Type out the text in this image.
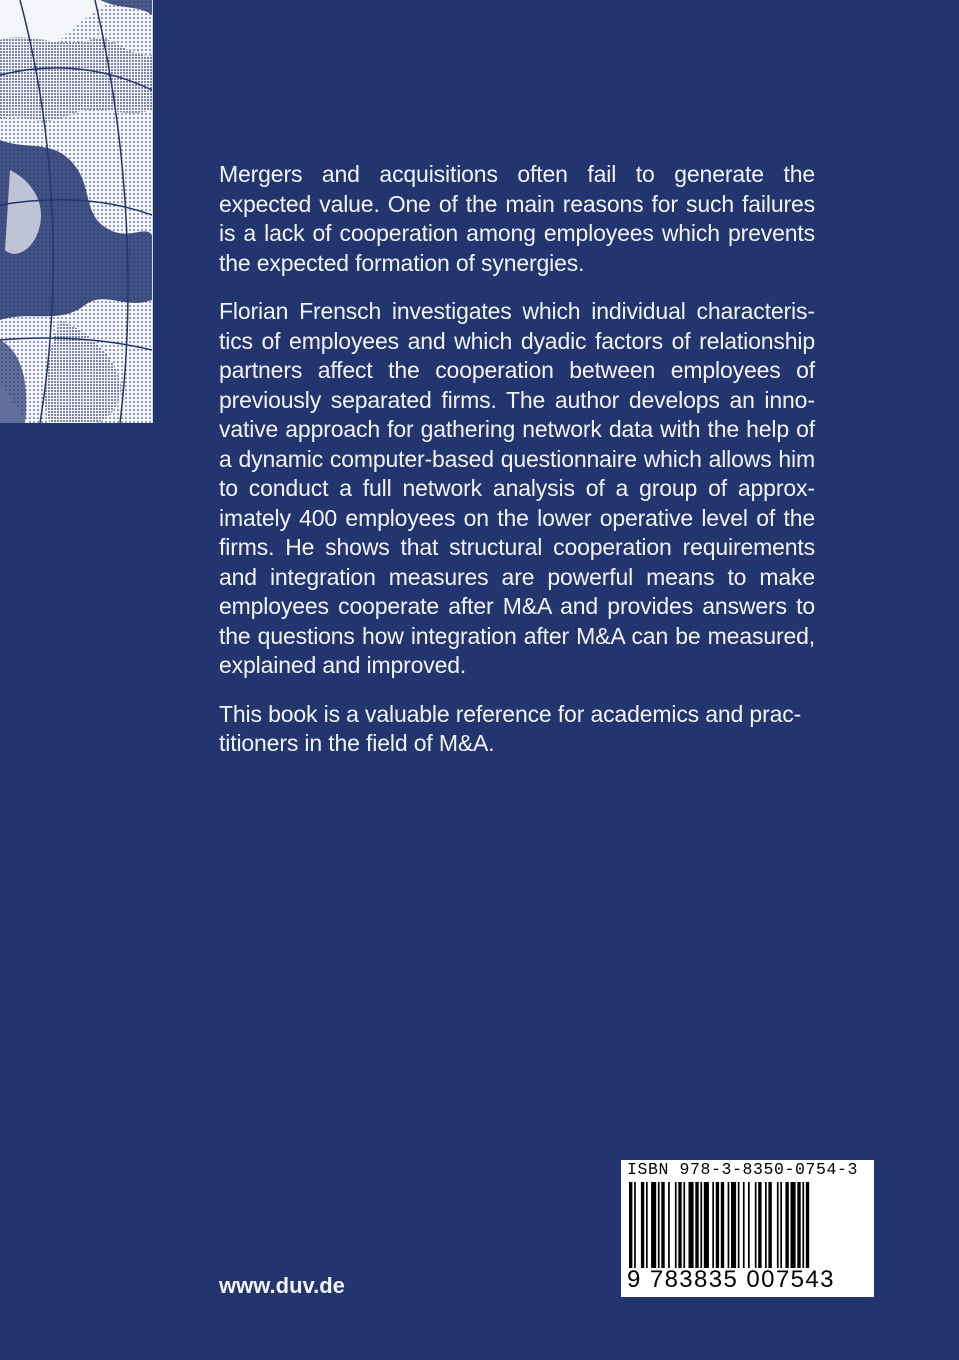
Mergers and acquisitions often fail to generate the expected value. One of the main reasons for such failures is a lack of cooperation among employees which prevents the expected formation of synergies.

Florian Frensch investigates which individual characteristics of employees and which dyadic factors of relationship partners affect the cooperation between employees of previously separated firms. The author develops an innovative approach for gathering network data with the help of a dynamic computer-based questionnaire which allows him to conduct a full network analysis of a group of approximately 400 employees on the lower operative level of the firms. He shows that structural cooperation requirements and integration measures are powerful means to make employees cooperate after M&A and provides answers to the questions how integration after M&A can be measured, explained and improved.

This book is a valuable reference for academics and practitioners in the field of M&A.

www.duv.de
ISBN 978-3-8350-0754-3
9 783835 007543
